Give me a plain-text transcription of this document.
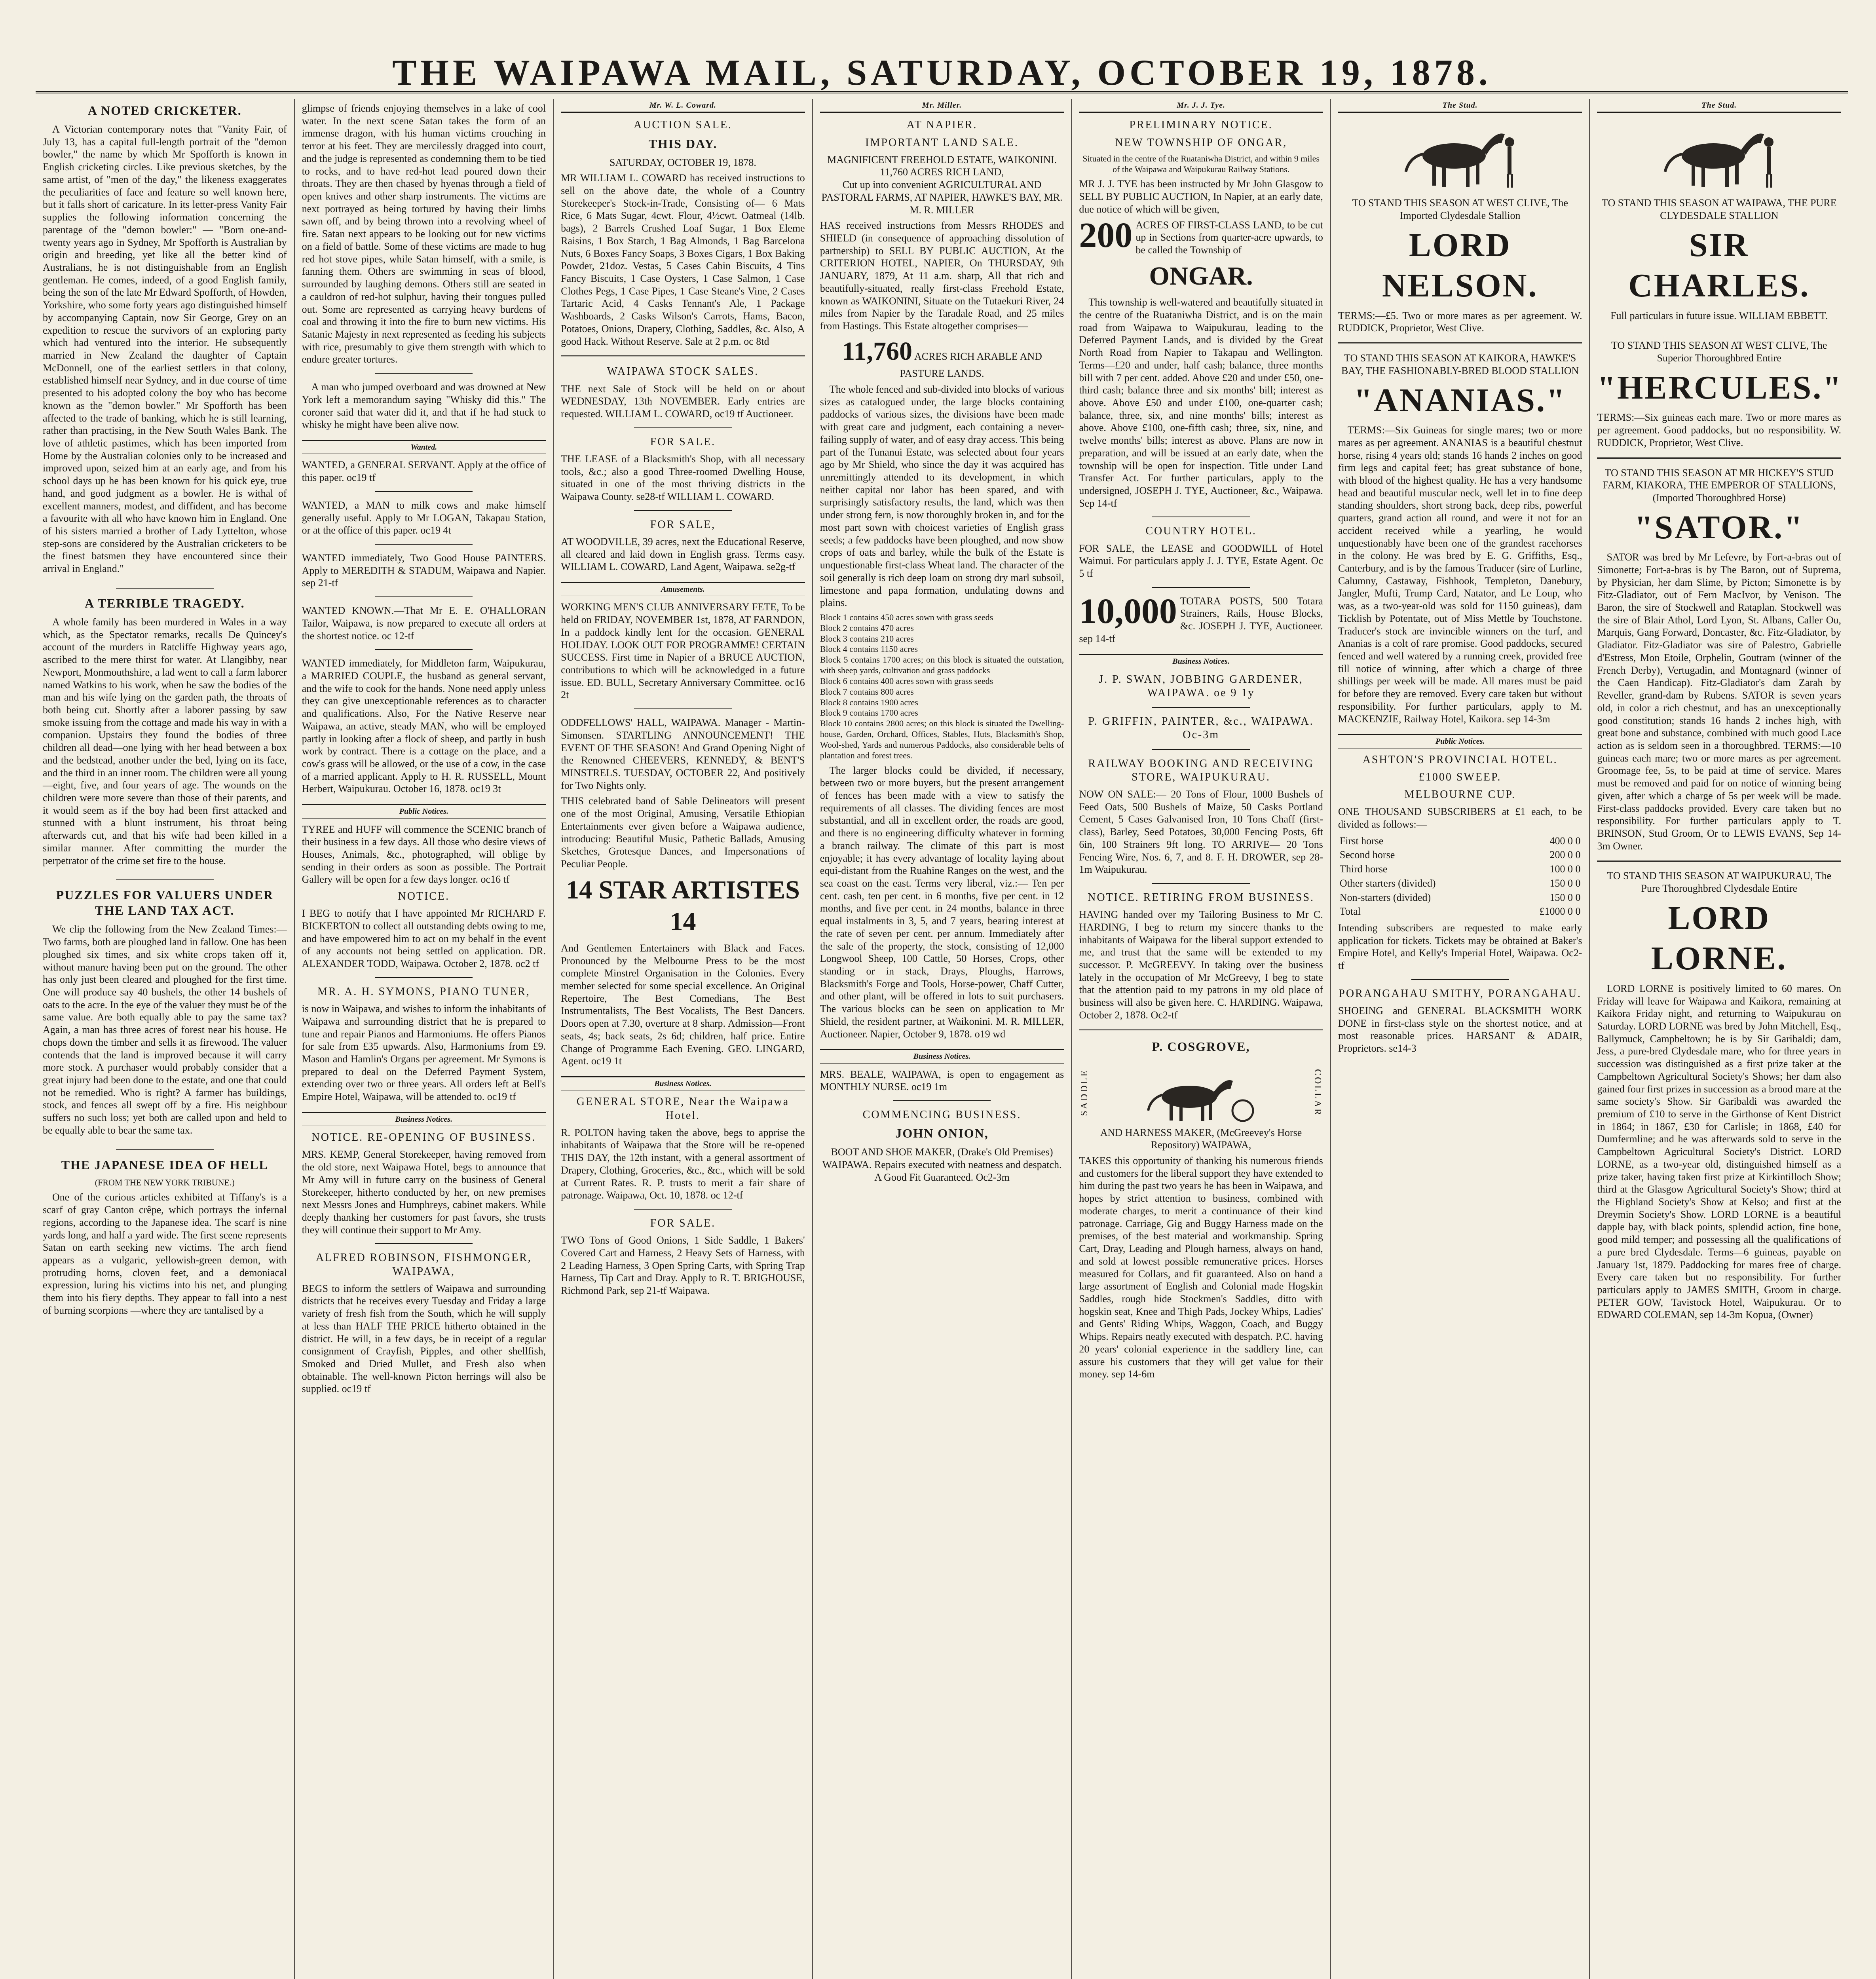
THE WAIPAWA MAIL, SATURDAY, OCTOBER 19, 1878.
A NOTED CRICKETER.

A Victorian contemporary notes that "Vanity Fair, of July 13, has a capital full-length portrait of the "demon bowler," the name by which Mr Spofforth is known in English cricketing circles. Like previous sketches, by the same artist, of "men of the day," the likeness exaggerates the peculiarities of face and feature so well known here, but it falls short of caricature. In its letter-press Vanity Fair supplies the following information concerning the parentage of the "demon bowler:" — "Born one-and-twenty years ago in Sydney, Mr Spofforth is Australian by origin and breeding, yet like all the better kind of Australians, he is not distinguishable from an English gentleman. He comes, indeed, of a good English family, being the son of the late Mr Edward Spofforth, of Howden, Yorkshire, who some forty years ago distinguished himself by accompanying Captain, now Sir George, Grey on an expedition to rescue the survivors of an exploring party which had ventured into the interior. He subsequently married in New Zealand the daughter of Captain McDonnell, one of the earliest settlers in that colony, established himself near Sydney, and in due course of time presented to his adopted colony the boy who has become known as the "demon bowler." Mr Spofforth has been affected to the trade of banking, which he is still learning, rather than practising, in the New South Wales Bank. The love of athletic pastimes, which has been imported from Home by the Australian colonies only to be increased and improved upon, seized him at an early age, and from his school days up he has been known for his quick eye, true hand, and good judgment as a bowler. He is withal of excellent manners, modest, and diffident, and has become a favourite with all who have known him in England. One of his sisters married a brother of Lady Lyttelton, whose step-sons are considered by the Australian cricketers to be the finest batsmen they have encountered since their arrival in England."

A TERRIBLE TRAGEDY.

A whole family has been murdered in Wales in a way which, as the Spectator remarks, recalls De Quincey's account of the murders in Ratcliffe Highway years ago, ascribed to the mere thirst for water. At Llangibby, near Newport, Monmouthshire, a lad went to call a farm laborer named Watkins to his work, when he saw the bodies of the man and his wife lying on the garden path, the throats of both being cut. Shortly after a laborer passing by saw smoke issuing from the cottage and made his way in with a companion. Upstairs they found the bodies of three children all dead—one lying with her head between a box and the bedstead, another under the bed, lying on its face, and the third in an inner room. The children were all young—eight, five, and four years of age. The wounds on the children were more severe than those of their parents, and it would seem as if the boy had been first attacked and stunned with a blunt instrument, his throat being afterwards cut, and that his wife had been killed in a similar manner. After committing the murder the perpetrator of the crime set fire to the house.

PUZZLES FOR VALUERS UNDER THE LAND TAX ACT.

We clip the following from the New Zealand Times:—Two farms, both are ploughed land in fallow. One has been ploughed six times, and six white crops taken off it, without manure having been put on the ground. The other has only just been cleared and ploughed for the first time. One will produce say 40 bushels, the other 14 bushels of oats to the acre. In the eye of the valuer they must be of the same value. Are both equally able to pay the same tax? Again, a man has three acres of forest near his house. He chops down the timber and sells it as firewood. The valuer contends that the land is improved because it will carry more stock. A purchaser would probably consider that a great injury had been done to the estate, and one that could not be remedied. Who is right? A farmer has buildings, stock, and fences all swept off by a fire. His neighbour suffers no such loss; yet both are called upon and held to be equally able to bear the same tax.

THE JAPANESE IDEA OF HELL
(FROM THE NEW YORK TRIBUNE.)

One of the curious articles exhibited at Tiffany's is a scarf of gray Canton crêpe, which portrays the infernal regions, according to the Japanese idea. The scarf is nine yards long, and half a yard wide. The first scene represents Satan on earth seeking new victims. The arch fiend appears as a vulgaric, yellowish-green demon, with protruding horns, cloven feet, and a demoniacal expression, luring his victims into his net, and plunging them into his fiery depths. They appear to fall into a nest of burning scorpions —where they are tantalised by a

glimpse of friends enjoying themselves in a lake of cool water. In the next scene Satan takes the form of an immense dragon, with his human victims crouching in terror at his feet. They are mercilessly dragged into court, and the judge is represented as condemning them to be tied to rocks, and to have red-hot lead poured down their throats. They are then chased by hyenas through a field of open knives and other sharp instruments. The victims are next portrayed as being tortured by having their limbs sawn off, and by being thrown into a revolving wheel of fire. Satan next appears to be looking out for new victims on a field of battle. Some of these victims are made to hug red hot stove pipes, while Satan himself, with a smile, is fanning them. Others are swimming in seas of blood, surrounded by laughing demons. Others still are seated in a cauldron of red-hot sulphur, having their tongues pulled out. Some are represented as carrying heavy burdens of coal and throwing it into the fire to burn new victims. His Satanic Majesty in next represented as feeding his subjects with rice, presumably to give them strength with which to endure greater tortures.

A man who jumped overboard and was drowned at New York left a memorandum saying "Whisky did this." The coroner said that water did it, and that if he had stuck to whisky he might have been alive now.

Wanted.

WANTED, a GENERAL SERVANT. Apply at the office of this paper. oc19 tf

WANTED, a MAN to milk cows and make himself generally useful. Apply to Mr LOGAN, Takapau Station, or at the office of this paper. oc19 4t

WANTED immediately, Two Good House PAINTERS. Apply to MEREDITH & STADUM, Waipawa and Napier. sep 21-tf

WANTED KNOWN.—That Mr E. E. O'HALLORAN Tailor, Waipawa, is now prepared to execute all orders at the shortest notice. oc 12-tf

WANTED immediately, for Middleton farm, Waipukurau, a MARRIED COUPLE, the husband as general servant, and the wife to cook for the hands. None need apply unless they can give unexceptionable references as to character and qualifications. Also, For the Native Reserve near Waipawa, an active, steady MAN, who will be employed partly in looking after a flock of sheep, and partly in bush work by contract. There is a cottage on the place, and a cow's grass will be allowed, or the use of a cow, in the case of a married applicant. Apply to H. R. RUSSELL, Mount Herbert, Waipukurau. October 16, 1878. oc19 3t

Public Notices.

TYREE and HUFF will commence the SCENIC branch of their business in a few days. All those who desire views of Houses, Animals, &c., photographed, will oblige by sending in their orders as soon as possible. The Portrait Gallery will be open for a few days longer. oc16 tf

NOTICE.

I BEG to notify that I have appointed Mr RICHARD F. BICKERTON to collect all outstanding debts owing to me, and have empowered him to act on my behalf in the event of any accounts not being settled on application. DR. ALEXANDER TODD, Waipawa. October 2, 1878. oc2 tf

MR. A. H. SYMONS, PIANO TUNER,

is now in Waipawa, and wishes to inform the inhabitants of Waipawa and surrounding district that he is prepared to tune and repair Pianos and Harmoniums. He offers Pianos for sale from £35 upwards. Also, Harmoniums from £9. Mason and Hamlin's Organs per agreement. Mr Symons is prepared to deal on the Deferred Payment System, extending over two or three years. All orders left at Bell's Empire Hotel, Waipawa, will be attended to. oc19 tf

Business Notices.
NOTICE. RE-OPENING OF BUSINESS.

MRS. KEMP, General Storekeeper, having removed from the old store, next Waipawa Hotel, begs to announce that Mr Amy will in future carry on the business of General Storekeeper, hitherto conducted by her, on new premises next Messrs Jones and Humphreys, cabinet makers. While deeply thanking her customers for past favors, she trusts they will continue their support to Mr Amy.

ALFRED ROBINSON, FISHMONGER, WAIPAWA,

BEGS to inform the settlers of Waipawa and surrounding districts that he receives every Tuesday and Friday a large variety of fresh fish from the South, which he will supply at less than HALF THE PRICE hitherto obtained in the district. He will, in a few days, be in receipt of a regular consignment of Crayfish, Pipples, and other shellfish, Smoked and Dried Mullet, and Fresh also when obtainable. The well-known Picton herrings will also be supplied. oc19 tf

Mr. W. L. Coward.
AUCTION SALE.
THIS DAY.
SATURDAY, OCTOBER 19, 1878.

MR WILLIAM L. COWARD has received instructions to sell on the above date, the whole of a Country Storekeeper's Stock-in-Trade, Consisting of— 6 Mats Rice, 6 Mats Sugar, 4cwt. Flour, 4½cwt. Oatmeal (14lb. bags), 2 Barrels Crushed Loaf Sugar, 1 Box Eleme Raisins, 1 Box Starch, 1 Bag Almonds, 1 Bag Barcelona Nuts, 6 Boxes Fancy Soaps, 3 Boxes Cigars, 1 Box Baking Powder, 21doz. Vestas, 5 Cases Cabin Biscuits, 4 Tins Fancy Biscuits, 1 Case Oysters, 1 Case Salmon, 1 Case Clothes Pegs, 1 Case Pipes, 1 Case Steane's Vine, 2 Cases Tartaric Acid, 4 Casks Tennant's Ale, 1 Package Washboards, 2 Casks Wilson's Carrots, Hams, Bacon, Potatoes, Onions, Drapery, Clothing, Saddles, &c. Also, A good Hack. Without Reserve. Sale at 2 p.m. oc 8td

WAIPAWA STOCK SALES.

THE next Sale of Stock will be held on or about WEDNESDAY, 13th NOVEMBER. Early entries are requested. WILLIAM L. COWARD, oc19 tf Auctioneer.

FOR SALE.

THE LEASE of a Blacksmith's Shop, with all necessary tools, &c.; also a good Three-roomed Dwelling House, situated in one of the most thriving districts in the Waipawa County. se28-tf WILLIAM L. COWARD.

FOR SALE,

AT WOODVILLE, 39 acres, next the Educational Reserve, all cleared and laid down in English grass. Terms easy. WILLIAM L. COWARD, Land Agent, Waipawa. se2g-tf

Amusements.

WORKING MEN'S CLUB ANNIVERSARY FETE, To be held on FRIDAY, NOVEMBER 1st, 1878, AT FARNDON, In a paddock kindly lent for the occasion. GENERAL HOLIDAY. LOOK OUT FOR PROGRAMME! CERTAIN SUCCESS. First time in Napier of a BRUCE AUCTION, contributions to which will be acknowledged in a future issue. ED. BULL, Secretary Anniversary Committee. oc16 2t

ODDFELLOWS' HALL, WAIPAWA. Manager - Martin-Simonsen. STARTLING ANNOUNCEMENT! THE EVENT OF THE SEASON! And Grand Opening Night of the Renowned CHEEVERS, KENNEDY, & BENT'S MINSTRELS. TUESDAY, OCTOBER 22, And positively for Two Nights only.

THIS celebrated band of Sable Delineators will present one of the most Original, Amusing, Versatile Ethiopian Entertainments ever given before a Waipawa audience, introducing: Beautiful Music, Pathetic Ballads, Amusing Sketches, Grotesque Dances, and Impersonations of Peculiar People.

14 STAR ARTISTES 14

And Gentlemen Entertainers with Black and Faces. Pronounced by the Melbourne Press to be the most complete Minstrel Organisation in the Colonies. Every member selected for some special excellence. An Original Repertoire, The Best Comedians, The Best Instrumentalists, The Best Vocalists, The Best Dancers. Doors open at 7.30, overture at 8 sharp. Admission—Front seats, 4s; back seats, 2s 6d; children, half price. Entire Change of Programme Each Evening. GEO. LINGARD, Agent. oc19 1t

Business Notices.
GENERAL STORE, Near the Waipawa Hotel.

R. POLTON having taken the above, begs to apprise the inhabitants of Waipawa that the Store will be re-opened THIS DAY, the 12th instant, with a general assortment of Drapery, Clothing, Groceries, &c., &c., which will be sold at Current Rates. R. P. trusts to merit a fair share of patronage. Waipawa, Oct. 10, 1878. oc 12-tf

FOR SALE.

TWO Tons of Good Onions, 1 Side Saddle, 1 Bakers' Covered Cart and Harness, 2 Heavy Sets of Harness, with 2 Leading Harness, 3 Open Spring Carts, with Spring Trap Harness, Tip Cart and Dray. Apply to R. T. BRIGHOUSE, Richmond Park, sep 21-tf Waipawa.

Mr. Miller.
AT NAPIER.
IMPORTANT LAND SALE.
MAGNIFICENT FREEHOLD ESTATE, WAIKONINI.
11,760 ACRES RICH LAND,
Cut up into convenient AGRICULTURAL AND PASTORAL FARMS, AT NAPIER, HAWKE'S BAY, MR. M. R. MILLER

HAS received instructions from Messrs RHODES and SHIELD (in consequence of approaching dissolution of partnership) to SELL BY PUBLIC AUCTION, At the CRITERION HOTEL, NAPIER, On THURSDAY, 9th JANUARY, 1879, At 11 a.m. sharp, All that rich and beautifully-situated, really first-class Freehold Estate, known as WAIKONINI, Situate on the Tutaekuri River, 24 miles from Napier by the Taradale Road, and 25 miles from Hastings. This Estate altogether comprises—

11,760 ACRES RICH ARABLE AND PASTURE LANDS.

The whole fenced and sub-divided into blocks of various sizes as catalogued under, the large blocks containing paddocks of various sizes, the divisions have been made with great care and judgment, each containing a never-failing supply of water, and of easy dray access. This being part of the Tunanui Estate, was selected about four years ago by Mr Shield, who since the day it was acquired has unremittingly attended to its development, in which neither capital nor labor has been spared, and with surprisingly satisfactory results, the land, which was then under strong fern, is now thoroughly broken in, and for the most part sown with choicest varieties of English grass seeds; a few paddocks have been ploughed, and now show crops of oats and barley, while the bulk of the Estate is unquestionable first-class Wheat land. The character of the soil generally is rich deep loam on strong dry marl subsoil, limestone and papa formation, undulating downs and plains.

Block 1 contains 450 acres sown with grass seeds
Block 2 contains 470 acres
Block 3 contains 210 acres
Block 4 contains 1150 acres
Block 5 contains 1700 acres; on this block is situated the outstation, with sheep yards, cultivation and grass paddocks
Block 6 contains 400 acres sown with grass seeds
Block 7 contains 800 acres
Block 8 contains 1900 acres
Block 9 contains 1700 acres
Block 10 contains 2800 acres; on this block is situated the Dwelling-house, Garden, Orchard, Offices, Stables, Huts, Blacksmith's Shop, Wool-shed, Yards and numerous Paddocks, also considerable belts of plantation and forest trees.

The larger blocks could be divided, if necessary, between two or more buyers, but the present arrangement of fences has been made with a view to satisfy the requirements of all classes. The dividing fences are most substantial, and all in excellent order, the roads are good, and there is no engineering difficulty whatever in forming a branch railway. The climate of this part is most enjoyable; it has every advantage of locality laying about equi-distant from the Ruahine Ranges on the west, and the sea coast on the east. Terms very liberal, viz.:— Ten per cent. cash, ten per cent. in 6 months, five per cent. in 12 months, and five per cent. in 24 months, balance in three equal instalments in 3, 5, and 7 years, bearing interest at the rate of seven per cent. per annum. Immediately after the sale of the property, the stock, consisting of 12,000 Longwool Sheep, 100 Cattle, 50 Horses, Crops, other standing or in stack, Drays, Ploughs, Harrows, Blacksmith's Forge and Tools, Horse-power, Chaff Cutter, and other plant, will be offered in lots to suit purchasers. The various blocks can be seen on application to Mr Shield, the resident partner, at Waikonini. M. R. MILLER, Auctioneer. Napier, October 9, 1878. o19 wd

Business Notices.

MRS. BEALE, WAIPAWA, is open to engagement as MONTHLY NURSE. oc19 1m

COMMENCING BUSINESS.
JOHN ONION,

BOOT AND SHOE MAKER, (Drake's Old Premises) WAIPAWA. Repairs executed with neatness and despatch. A Good Fit Guaranteed. Oc2-3m

Mr. J. J. Tye.
PRELIMINARY NOTICE.
NEW TOWNSHIP OF ONGAR,
Situated in the centre of the Ruataniwha District, and within 9 miles of the Waipawa and Waipukurau Railway Stations.

MR J. J. TYE has been instructed by Mr John Glasgow to SELL BY PUBLIC AUCTION, In Napier, at an early date, due notice of which will be given,

200 ACRES OF FIRST-CLASS LAND, to be cut up in Sections from quarter-acre upwards, to be called the Township of
ONGAR.

This township is well-watered and beautifully situated in the centre of the Ruataniwha District, and is on the main road from Waipawa to Waipukurau, leading to the Deferred Payment Lands, and is divided by the Great North Road from Napier to Takapau and Wellington. Terms—£20 and under, half cash; balance, three months bill with 7 per cent. added. Above £20 and under £50, one-third cash; balance three and six months' bill; interest as above. Above £50 and under £100, one-quarter cash; balance, three, six, and nine months' bills; interest as above. Above £100, one-fifth cash; three, six, nine, and twelve months' bills; interest as above. Plans are now in preparation, and will be issued at an early date, when the township will be open for inspection. Title under Land Transfer Act. For further particulars, apply to the undersigned, JOSEPH J. TYE, Auctioneer, &c., Waipawa. Sep 14-tf

COUNTRY HOTEL.

FOR SALE, the LEASE and GOODWILL of Hotel Waimui. For particulars apply J. J. TYE, Estate Agent. Oc 5 tf

10,000 TOTARA POSTS, 500 Totara Strainers, Rails, House Blocks, &c. JOSEPH J. TYE, Auctioneer. sep 14-tf
Business Notices.
J. P. SWAN, JOBBING GARDENER, WAIPAWA. oe 9 1y
P. GRIFFIN, PAINTER, &c., WAIPAWA. Oc-3m
RAILWAY BOOKING AND RECEIVING STORE, WAIPUKURAU.

NOW ON SALE:— 20 Tons of Flour, 1000 Bushels of Feed Oats, 500 Bushels of Maize, 50 Casks Portland Cement, 5 Cases Galvanised Iron, 10 Tons Chaff (first-class), Barley, Seed Potatoes, 30,000 Fencing Posts, 6ft 6in, 100 Strainers 9ft long. TO ARRIVE— 20 Tons Fencing Wire, Nos. 6, 7, and 8. F. H. DROWER, sep 28-1m Waipukurau.

NOTICE. RETIRING FROM BUSINESS.

HAVING handed over my Tailoring Business to Mr C. HARDING, I beg to return my sincere thanks to the inhabitants of Waipawa for the liberal support extended to me, and trust that the same will be extended to my successor. P. McGREEVY. In taking over the business lately in the occupation of Mr McGreevy, I beg to state that the attention paid to my patrons in my old place of business will also be given here. C. HARDING. Waipawa, October 2, 1878. Oc2-tf

P. COSGROVE,
SADDLE	COLLAR
AND HARNESS MAKER, (McGreevey's Horse Repository) WAIPAWA,

TAKES this opportunity of thanking his numerous friends and customers for the liberal support they have extended to him during the past two years he has been in Waipawa, and hopes by strict attention to business, combined with moderate charges, to merit a continuance of their kind patronage. Carriage, Gig and Buggy Harness made on the premises, of the best material and workmanship. Spring Cart, Dray, Leading and Plough harness, always on hand, and sold at lowest possible remunerative prices. Horses measured for Collars, and fit guaranteed. Also on hand a large assortment of English and Colonial made Hogskin Saddles, rough hide Stockmen's Saddles, ditto with hogskin seat, Knee and Thigh Pads, Jockey Whips, Ladies' and Gents' Riding Whips, Waggon, Coach, and Buggy Whips. Repairs neatly executed with despatch. P.C. having 20 years' colonial experience in the saddlery line, can assure his customers that they will get value for their money. sep 14-6m

The Stud.

TO STAND THIS SEASON AT WEST CLIVE, The Imported Clydesdale Stallion

LORD NELSON.

TERMS:—£5. Two or more mares as per agreement. W. RUDDICK, Proprietor, West Clive.

TO STAND THIS SEASON AT KAIKORA, HAWKE'S BAY, THE FASHIONABLY-BRED BLOOD STALLION

"ANANIAS."

TERMS:—Six Guineas for single mares; two or more mares as per agreement. ANANIAS is a beautiful chestnut horse, rising 4 years old; stands 16 hands 2 inches on good firm legs and capital feet; has great substance of bone, with blood of the highest quality. He has a very handsome head and beautiful muscular neck, well let in to fine deep standing shoulders, short strong back, deep ribs, powerful quarters, grand action all round, and were it not for an accident received while a yearling, he would unquestionably have been one of the grandest racehorses in the colony. He was bred by E. G. Griffiths, Esq., Canterbury, and is by the famous Traducer (sire of Lurline, Calumny, Castaway, Fishhook, Templeton, Danebury, Jangler, Mufti, Trump Card, Natator, and Le Loup, who was, as a two-year-old was sold for 1150 guineas), dam Ticklish by Potentate, out of Miss Mettle by Touchstone. Traducer's stock are invincible winners on the turf, and Ananias is a colt of rare promise. Good paddocks, secured fenced and well watered by a running creek, provided free till notice of winning, after which a charge of three shillings per week will be made. All mares must be paid for before they are removed. Every care taken but without responsibility. For further particulars, apply to M. MACKENZIE, Railway Hotel, Kaikora. sep 14-3m

Public Notices.
ASHTON'S PROVINCIAL HOTEL.
£1000 SWEEP.
MELBOURNE CUP.

ONE THOUSAND SUBSCRIBERS at £1 each, to be divided as follows:—

First horse	400 0 0
Second horse	200 0 0
Third horse	100 0 0
Other starters (divided)	150 0 0
Non-starters (divided)	150 0 0
Total	£1000 0 0

Intending subscribers are requested to make early application for tickets. Tickets may be obtained at Baker's Empire Hotel, and Kelly's Imperial Hotel, Waipawa. Oc2-tf

PORANGAHAU SMITHY, PORANGAHAU.

SHOEING and GENERAL BLACKSMITH WORK DONE in first-class style on the shortest notice, and at most reasonable prices. HARSANT & ADAIR, Proprietors. se14-3

The Stud.

TO STAND THIS SEASON AT WAIPAWA, THE PURE CLYDESDALE STALLION

SIR CHARLES.

Full particulars in future issue. WILLIAM EBBETT.

TO STAND THIS SEASON AT WEST CLIVE, The Superior Thoroughbred Entire

"HERCULES."

TERMS:—Six guineas each mare. Two or more mares as per agreement. Good paddocks, but no responsibility. W. RUDDICK, Proprietor, West Clive.

TO STAND THIS SEASON AT MR HICKEY'S STUD FARM, KIAKORA, THE EMPEROR OF STALLIONS, (Imported Thoroughbred Horse)

"SATOR."

SATOR was bred by Mr Lefevre, by Fort-a-bras out of Simonette; Fort-a-bras is by The Baron, out of Suprema, by Physician, her dam Slime, by Picton; Simonette is by Fitz-Gladiator, out of Fern MacIvor, by Venison. The Baron, the sire of Stockwell and Rataplan. Stockwell was the sire of Blair Athol, Lord Lyon, St. Albans, Caller Ou, Marquis, Gang Forward, Doncaster, &c. Fitz-Gladiator, by Gladiator. Fitz-Gladiator was sire of Palestro, Gabrielle d'Estress, Mon Etoile, Orphelin, Goutram (winner of the French Derby), Vertugadin, and Montagnard (winner of the Caen Handicap). Fitz-Gladiator's dam Zarah by Reveller, grand-dam by Rubens. SATOR is seven years old, in color a rich chestnut, and has an unexceptionally good constitution; stands 16 hands 2 inches high, with great bone and substance, combined with much good Lace action as is seldom seen in a thoroughbred. TERMS:—10 guineas each mare; two or more mares as per agreement. Groomage fee, 5s, to be paid at time of service. Mares must be removed and paid for on notice of winning being given, after which a charge of 5s per week will be made. First-class paddocks provided. Every care taken but no responsibility. For further particulars apply to T. BRINSON, Stud Groom, Or to LEWIS EVANS, Sep 14-3m Owner.

TO STAND THIS SEASON AT WAIPUKURAU, The Pure Thoroughbred Clydesdale Entire

LORD LORNE.

LORD LORNE is positively limited to 60 mares. On Friday will leave for Waipawa and Kaikora, remaining at Kaikora Friday night, and returning to Waipukurau on Saturday. LORD LORNE was bred by John Mitchell, Esq., Ballymuck, Campbeltown; he is by Sir Garibaldi; dam, Jess, a pure-bred Clydesdale mare, who for three years in succession was distinguished as a first prize taker at the Campbeltown Agricultural Society's Shows; her dam also gained four first prizes in succession as a brood mare at the same society's Show. Sir Garibaldi was awarded the premium of £10 to serve in the Girthonse of Kent District in 1864; in 1867, £30 for Carlisle; in 1868, £40 for Dumfermline; and he was afterwards sold to serve in the Campbeltown Agricultural Society's District. LORD LORNE, as a two-year old, distinguished himself as a prize taker, having taken first prize at Kirkintilloch Show; third at the Glasgow Agricultural Society's Show; third at the Highland Society's Show at Kelso; and first at the Dreymin Society's Show. LORD LORNE is a beautiful dapple bay, with black points, splendid action, fine bone, good mild temper; and possessing all the qualifications of a pure bred Clydesdale. Terms—6 guineas, payable on January 1st, 1879. Paddocking for mares free of charge. Every care taken but no responsibility. For further particulars apply to JAMES SMITH, Groom in charge. PETER GOW, Tavistock Hotel, Waipukurau. Or to EDWARD COLEMAN, sep 14-3m Kopua, (Owner)
